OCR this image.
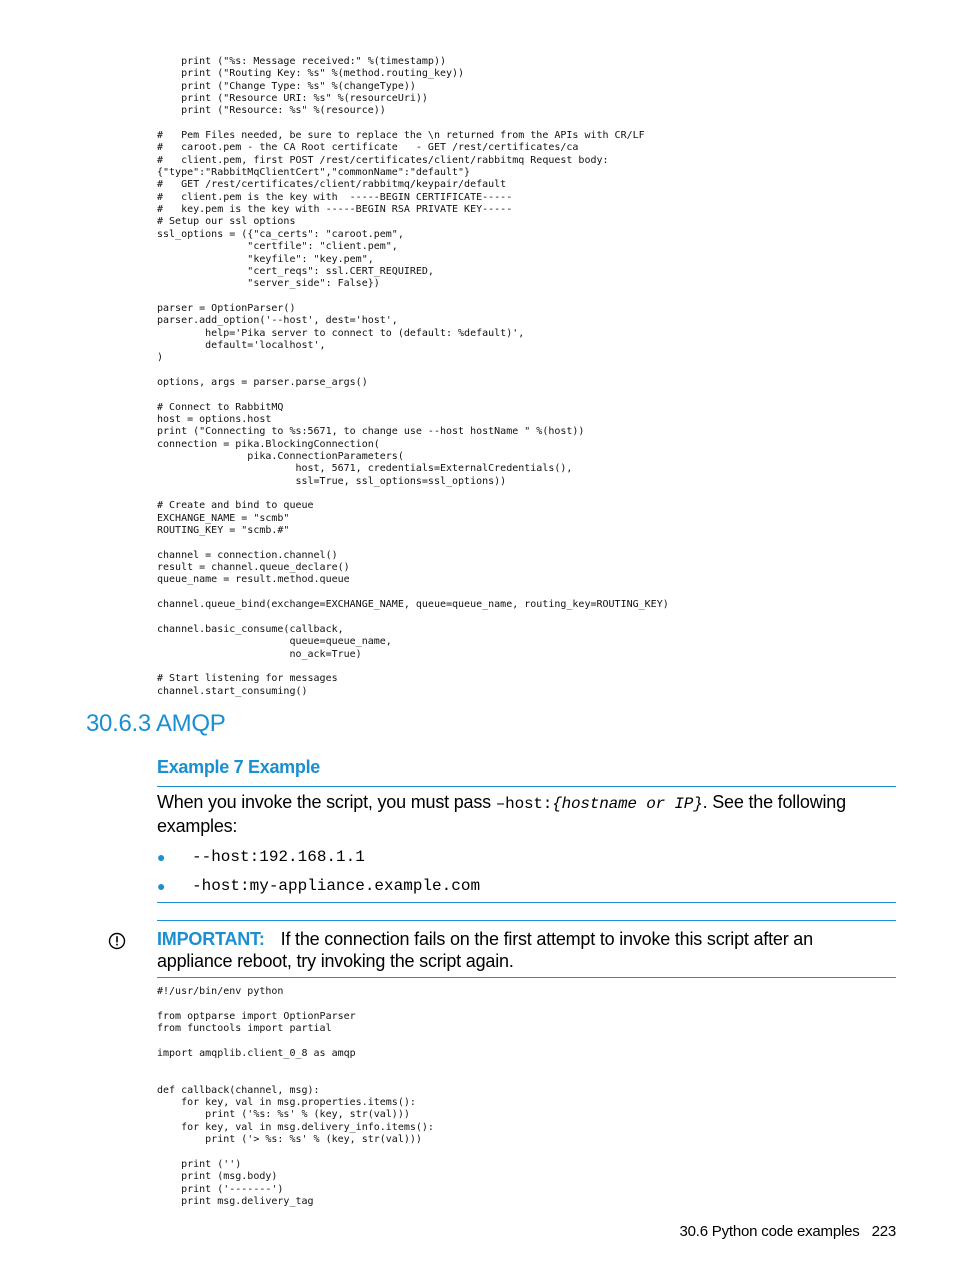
print ("%s: Message received:" %(timestamp))
print ("Routing Key: %s" %(method.routing_key))
print ("Change Type: %s" %(changeType))
print ("Resource URI: %s" %(resourceUri))
print ("Resource: %s" %(resource))

#   Pem Files needed, be sure to replace the \n returned from the APIs with CR/LF
#   caroot.pem - the CA Root certificate   - GET /rest/certificates/ca
#   client.pem, first POST /rest/certificates/client/rabbitmq Request body:
{"type":"RabbitMqClientCert","commonName":"default"}
#   GET /rest/certificates/client/rabbitmq/keypair/default
#   client.pem is the key with  -----BEGIN CERTIFICATE-----
#   key.pem is the key with -----BEGIN RSA PRIVATE KEY-----
# Setup our ssl options
ssl_options = ({"ca_certs": "caroot.pem",
"certfile": "client.pem",
"keyfile": "key.pem",
"cert_reqs": ssl.CERT_REQUIRED,
"server_side": False})

parser = OptionParser()
parser.add_option('--host', dest='host',
help='Pika server to connect to (default: %default)',
default='localhost',
)

options, args = parser.parse_args()

# Connect to RabbitMQ
host = options.host
print ("Connecting to %s:5671, to change use --host hostName " %(host))
connection = pika.BlockingConnection(
pika.ConnectionParameters(
host, 5671, credentials=ExternalCredentials(),
ssl=True, ssl_options=ssl_options))

# Create and bind to queue
EXCHANGE_NAME = "scmb"
ROUTING_KEY = "scmb.#"

channel = connection.channel()
result = channel.queue_declare()
queue_name = result.method.queue

channel.queue_bind(exchange=EXCHANGE_NAME, queue=queue_name, routing_key=ROUTING_KEY)

channel.basic_consume(callback,
queue=queue_name,
no_ack=True)

# Start listening for messages
channel.start_consuming()
30.6.3 AMQP
Example 7 Example
When you invoke the script, you must pass –host:{hostname or IP}. See the following examples:
●	--host:192.168.1.1
●	-host:my-appliance.example.com
IMPORTANT: If the connection fails on the first attempt to invoke this script after an appliance reboot, try invoking the script again.
#!/usr/bin/env python

from optparse import OptionParser
from functools import partial

import amqplib.client_0_8 as amqp

def callback(channel, msg):
for key, val in msg.properties.items():
print ('%s: %s' % (key, str(val)))
for key, val in msg.delivery_info.items():
print ('> %s: %s' % (key, str(val)))

print ('')
print (msg.body)
print ('-------')
print msg.delivery_tag
30.6 Python code examples 223
